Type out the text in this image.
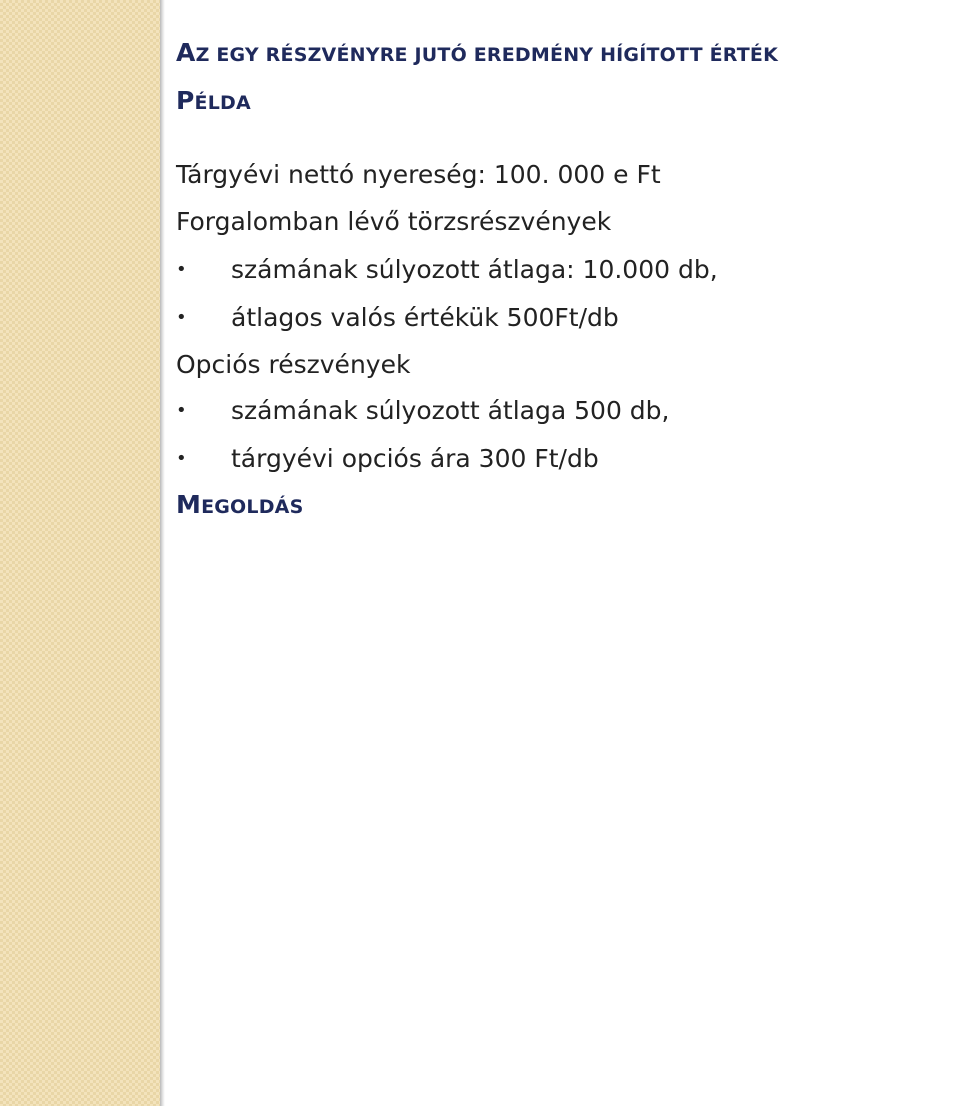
AZ EGY RÉSZVÉNYRE JUTÓ EREDMÉNY HÍGÍTOTT ÉRTÉK
PÉLDA
Tárgyévi nettó nyereség: 100. 000 e Ft
Forgalomban lévő törzsrészvények
• számának súlyozott átlaga: 10.000 db,
• átlagos valós értékük 500Ft/db
Opciós részvények
• számának súlyozott átlaga 500 db,
• tárgyévi opciós ára 300 Ft/db
MEGOLDÁS
